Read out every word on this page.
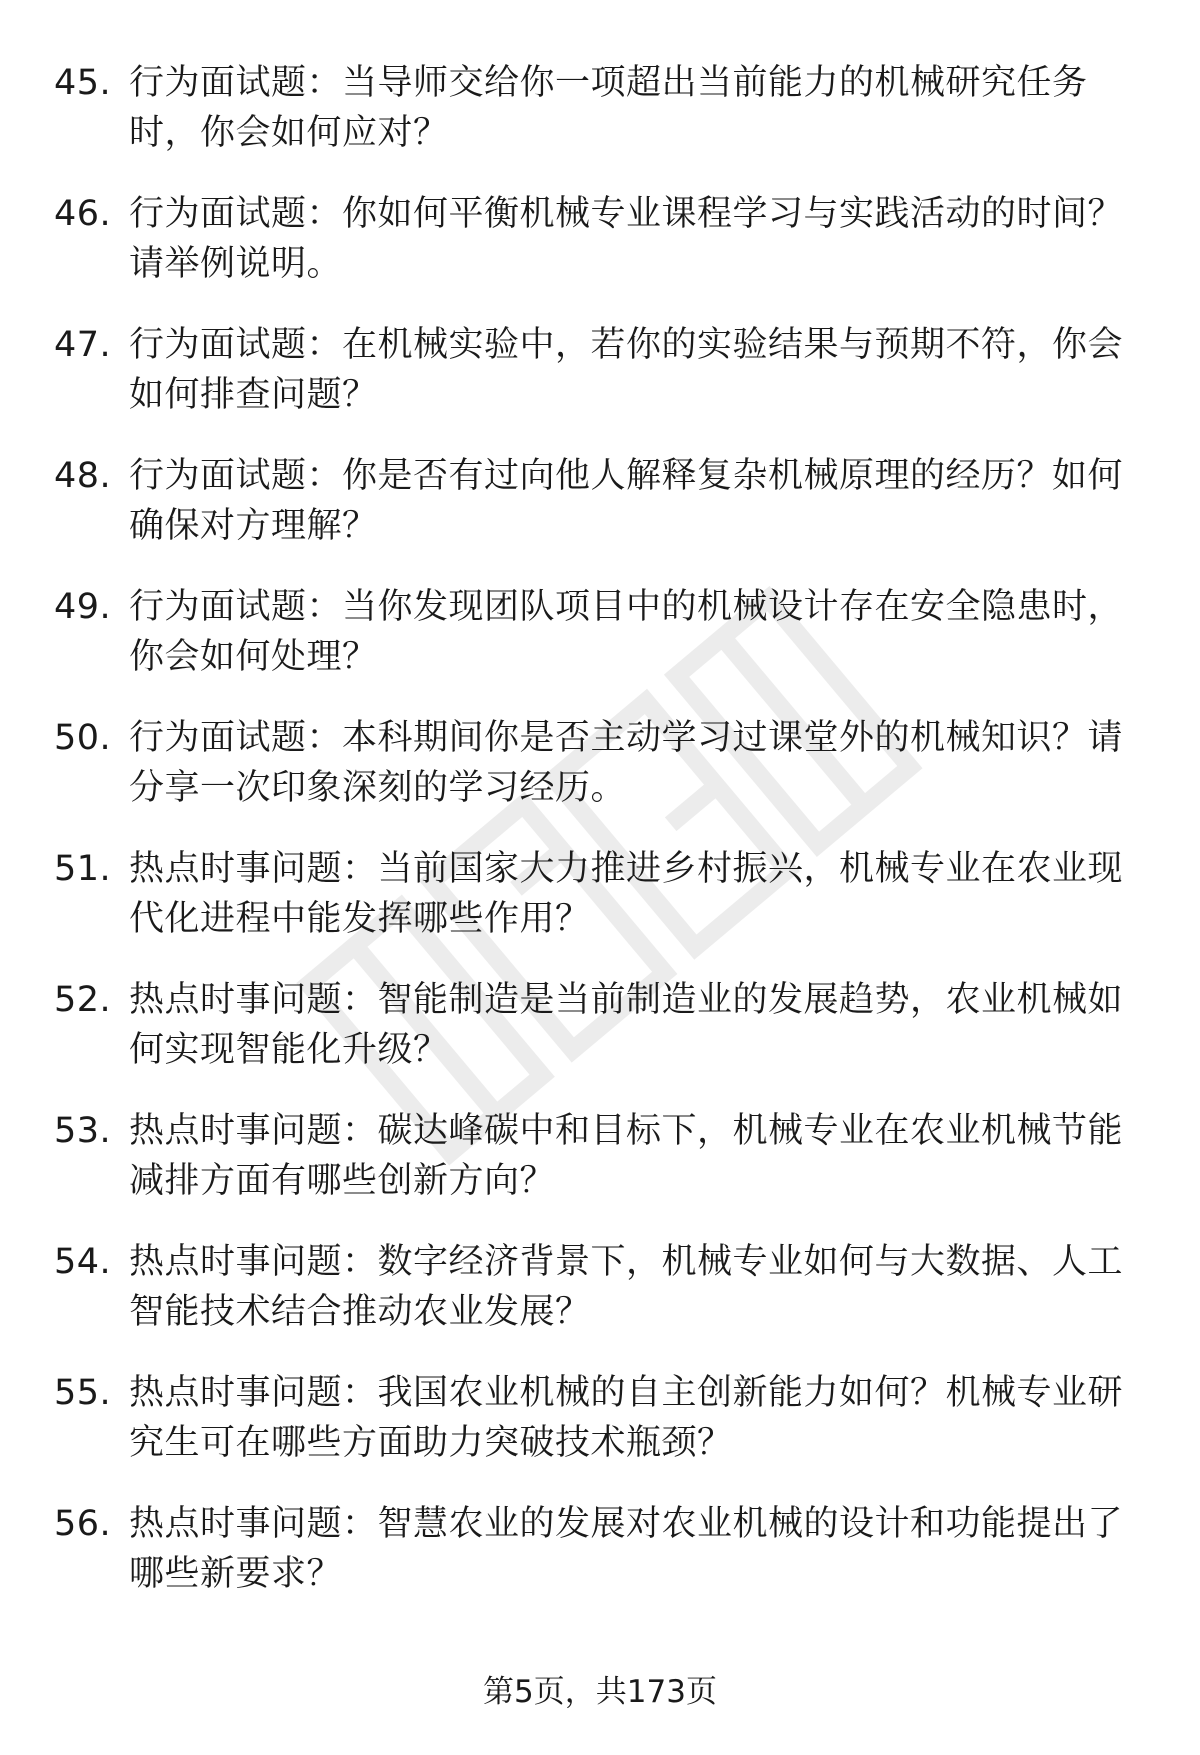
45. 行为面试题：当导师交给你一项超出当前能力的机械研究任务
时，你会如何应对？
46. 行为面试题：你如何平衡机械专业课程学习与实践活动的时间？
请举例说明。
47. 行为面试题：在机械实验中，若你的实验结果与预期不符，你会
如何排查问题？
48. 行为面试题：你是否有过向他人解释复杂机械原理的经历？如何
确保对方理解？
49. 行为面试题：当你发现团队项目中的机械设计存在安全隐患时，
你会如何处理？
50. 行为面试题：本科期间你是否主动学习过课堂外的机械知识？请
分享一次印象深刻的学习经历。
51. 热点时事问题：当前国家大力推进乡村振兴，机械专业在农业现
代化进程中能发挥哪些作用？
52. 热点时事问题：智能制造是当前制造业的发展趋势，农业机械如
何实现智能化升级？
53. 热点时事问题：碳达峰碳中和目标下，机械专业在农业机械节能
减排方面有哪些创新方向？
54. 热点时事问题：数字经济背景下，机械专业如何与大数据、人工
智能技术结合推动农业发展？
55. 热点时事问题：我国农业机械的自主创新能力如何？机械专业研
究生可在哪些方面助力突破技术瓶颈？
56. 热点时事问题：智慧农业的发展对农业机械的设计和功能提出了
哪些新要求？
第5页，共173页
